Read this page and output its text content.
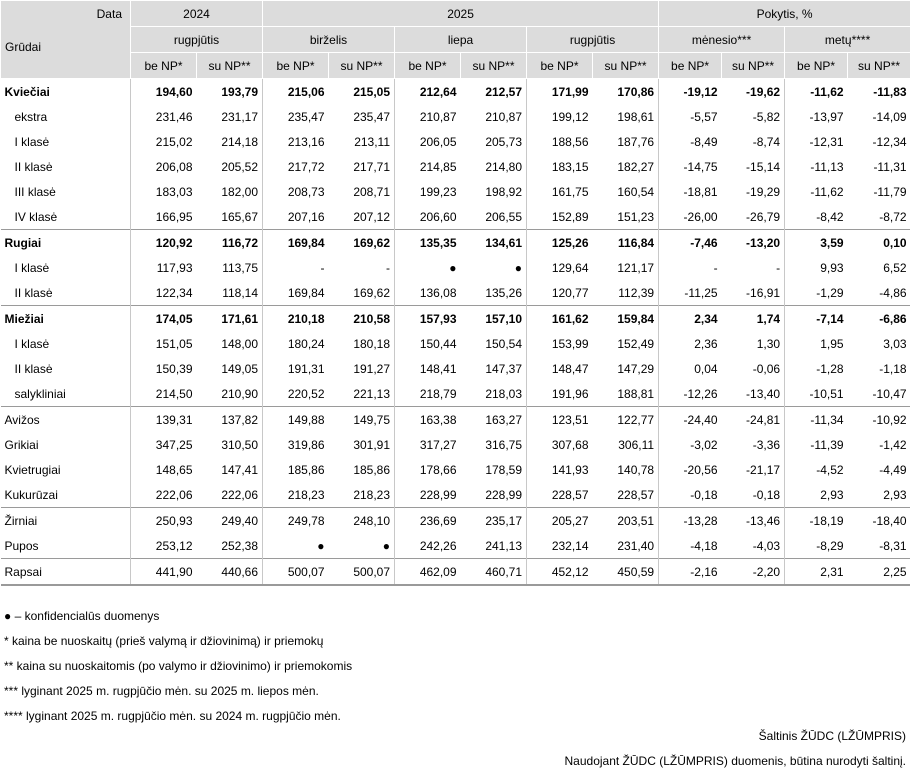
Data
Grūdai	2024		2025						Pokytis, %			
	rugpjūtis		birželis		liepa		rugpjūtis		mėnesio***		metų****	
	be NP*	su NP**	be NP*	su NP**	be NP*	su NP**	be NP*	su NP**	be NP*	su NP**	be NP*	su NP**
Kviečiai	194,60	193,79	215,06	215,05	212,64	212,57	171,99	170,86	-19,12	-19,62	-11,62	-11,83
ekstra	231,46	231,17	235,47	235,47	210,87	210,87	199,12	198,61	-5,57	-5,82	-13,97	-14,09
I klasė	215,02	214,18	213,16	213,11	206,05	205,73	188,56	187,76	-8,49	-8,74	-12,31	-12,34
II klasė	206,08	205,52	217,72	217,71	214,85	214,80	183,15	182,27	-14,75	-15,14	-11,13	-11,31
III klasė	183,03	182,00	208,73	208,71	199,23	198,92	161,75	160,54	-18,81	-19,29	-11,62	-11,79
IV klasė	166,95	165,67	207,16	207,12	206,60	206,55	152,89	151,23	-26,00	-26,79	-8,42	-8,72
Rugiai	120,92	116,72	169,84	169,62	135,35	134,61	125,26	116,84	-7,46	-13,20	3,59	0,10
I klasė	117,93	113,75	-	-	●	●	129,64	121,17	-	-	9,93	6,52
II klasė	122,34	118,14	169,84	169,62	136,08	135,26	120,77	112,39	-11,25	-16,91	-1,29	-4,86
Miežiai	174,05	171,61	210,18	210,58	157,93	157,10	161,62	159,84	2,34	1,74	-7,14	-6,86
I klasė	151,05	148,00	180,24	180,18	150,44	150,54	153,99	152,49	2,36	1,30	1,95	3,03
II klasė	150,39	149,05	191,31	191,27	148,41	147,37	148,47	147,29	0,04	-0,06	-1,28	-1,18
salykliniai	214,50	210,90	220,52	221,13	218,79	218,03	191,96	188,81	-12,26	-13,40	-10,51	-10,47
Avižos	139,31	137,82	149,88	149,75	163,38	163,27	123,51	122,77	-24,40	-24,81	-11,34	-10,92
Grikiai	347,25	310,50	319,86	301,91	317,27	316,75	307,68	306,11	-3,02	-3,36	-11,39	-1,42
Kvietrugiai	148,65	147,41	185,86	185,86	178,66	178,59	141,93	140,78	-20,56	-21,17	-4,52	-4,49
Kukurūzai	222,06	222,06	218,23	218,23	228,99	228,99	228,57	228,57	-0,18	-0,18	2,93	2,93
Žirniai	250,93	249,40	249,78	248,10	236,69	235,17	205,27	203,51	-13,28	-13,46	-18,19	-18,40
Pupos	253,12	252,38	●	●	242,26	241,13	232,14	231,40	-4,18	-4,03	-8,29	-8,31
Rapsai	441,90	440,66	500,07	500,07	462,09	460,71	452,12	450,59	-2,16	-2,20	2,31	2,25
● – konfidencialūs duomenys
* kaina be nuoskaitų (prieš valymą ir džiovinimą) ir priemokų
** kaina su nuoskaitomis (po valymo ir džiovinimo) ir priemokomis
*** lyginant 2025 m. rugpjūčio mėn. su 2025 m. liepos mėn.
**** lyginant 2025 m. rugpjūčio mėn. su 2024 m. rugpjūčio mėn.
Šaltinis ŽŪDC (LŽŪMPRIS)
Naudojant ŽŪDC (LŽŪMPRIS) duomenis, būtina nurodyti šaltinį.
